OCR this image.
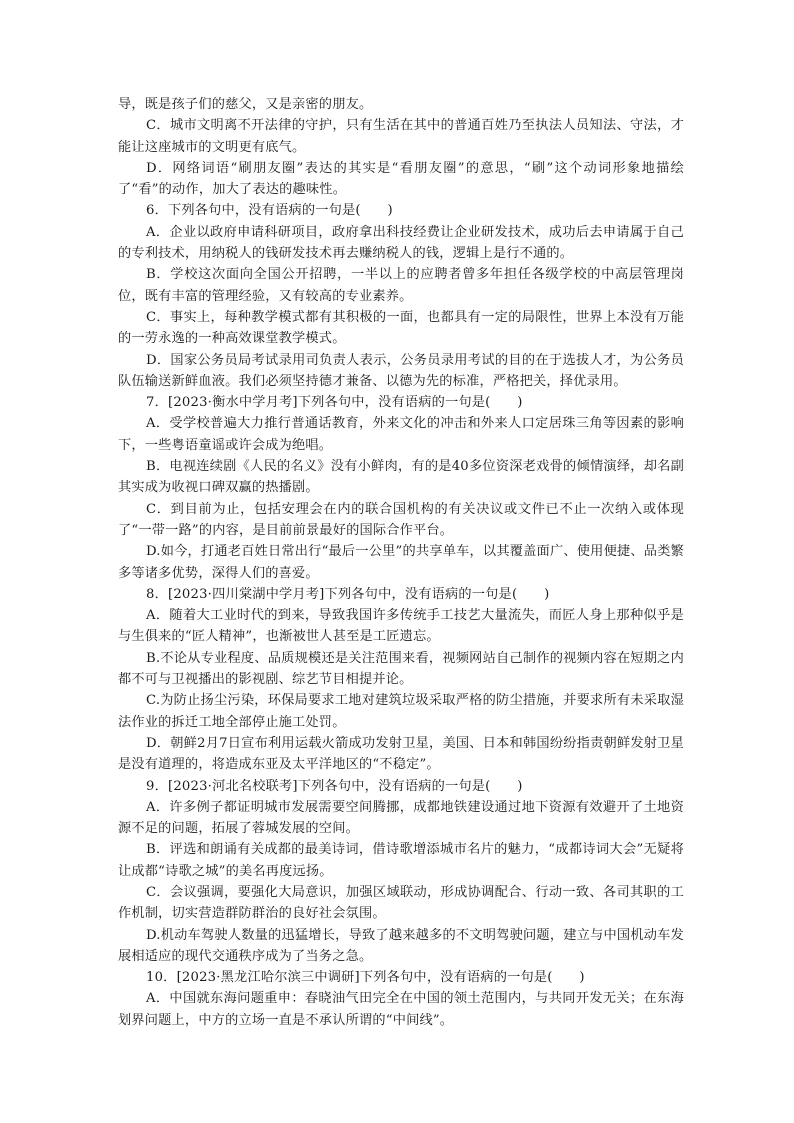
导，既是孩子们的慈父，又是亲密的朋友。

C．城市文明离不开法律的守护，只有生活在其中的普通百姓乃至执法人员知法、守法，才能让这座城市的文明更有底气。

D．网络词语“刷朋友圈”表达的其实是“看朋友圈”的意思，“刷”这个动词形象地描绘了“看”的动作，加大了表达的趣味性。

6．下列各句中，没有语病的一句是(　　)

A．企业以政府申请科研项目，政府拿出科技经费让企业研发技术，成功后去申请属于自己的专利技术，用纳税人的钱研发技术再去赚纳税人的钱，逻辑上是行不通的。

B．学校这次面向全国公开招聘，一半以上的应聘者曾多年担任各级学校的中高层管理岗位，既有丰富的管理经验，又有较高的专业素养。

C．事实上，每种教学模式都有其积极的一面，也都具有一定的局限性，世界上本没有万能的一劳永逸的一种高效课堂教学模式。

D．国家公务员局考试录用司负责人表示，公务员录用考试的目的在于选拔人才，为公务员队伍输送新鲜血液。我们必须坚持德才兼备、以德为先的标准，严格把关，择优录用。

7．[2023·衡水中学月考]下列各句中，没有语病的一句是(　　)

A．受学校普遍大力推行普通话教育，外来文化的冲击和外来人口定居珠三角等因素的影响下，一些粤语童谣或许会成为绝唱。

B．电视连续剧《人民的名义》没有小鲜肉，有的是40多位资深老戏骨的倾情演绎，却名副其实成为收视口碑双赢的热播剧。

C．到目前为止，包括安理会在内的联合国机构的有关决议或文件已不止一次纳入或体现了“一带一路”的内容，是目前前景最好的国际合作平台。

D.如今，打通老百姓日常出行“最后一公里”的共享单车，以其覆盖面广、使用便捷、品类繁多等诸多优势，深得人们的喜爱。

8．[2023·四川棠湖中学月考]下列各句中，没有语病的一句是(　　)

A．随着大工业时代的到来，导致我国许多传统手工技艺大量流失，而匠人身上那种似乎是与生俱来的“匠人精神”，也渐被世人甚至是工匠遗忘。

B.不论从专业程度、品质规模还是关注范围来看，视频网站自己制作的视频内容在短期之内都不可与卫视播出的影视剧、综艺节目相提并论。

C.为防止扬尘污染，环保局要求工地对建筑垃圾采取严格的防尘措施，并要求所有未采取湿法作业的拆迁工地全部停止施工处罚。

D．朝鲜2月7日宣布利用运载火箭成功发射卫星，美国、日本和韩国纷纷指责朝鲜发射卫星是没有道理的，将造成东亚及太平洋地区的“不稳定”。

9．[2023·河北名校联考]下列各句中，没有语病的一句是(　　)

A．许多例子都证明城市发展需要空间腾挪，成都地铁建设通过地下资源有效避开了土地资源不足的问题，拓展了蓉城发展的空间。

B．评选和朗诵有关成都的最美诗词，借诗歌增添城市名片的魅力，“成都诗词大会”无疑将让成都“诗歌之城”的美名再度远扬。

C．会议强调，要强化大局意识，加强区域联动，形成协调配合、行动一致、各司其职的工作机制，切实营造群防群治的良好社会氛围。

D.机动车驾驶人数量的迅猛增长，导致了越来越多的不文明驾驶问题，建立与中国机动车发展相适应的现代交通秩序成为了当务之急。

10．[2023·黑龙江哈尔滨三中调研]下列各句中，没有语病的一句是(　　)

A．中国就东海问题重申：春晓油气田完全在中国的领土范围内，与共同开发无关；在东海划界问题上，中方的立场一直是不承认所谓的“中间线”。
